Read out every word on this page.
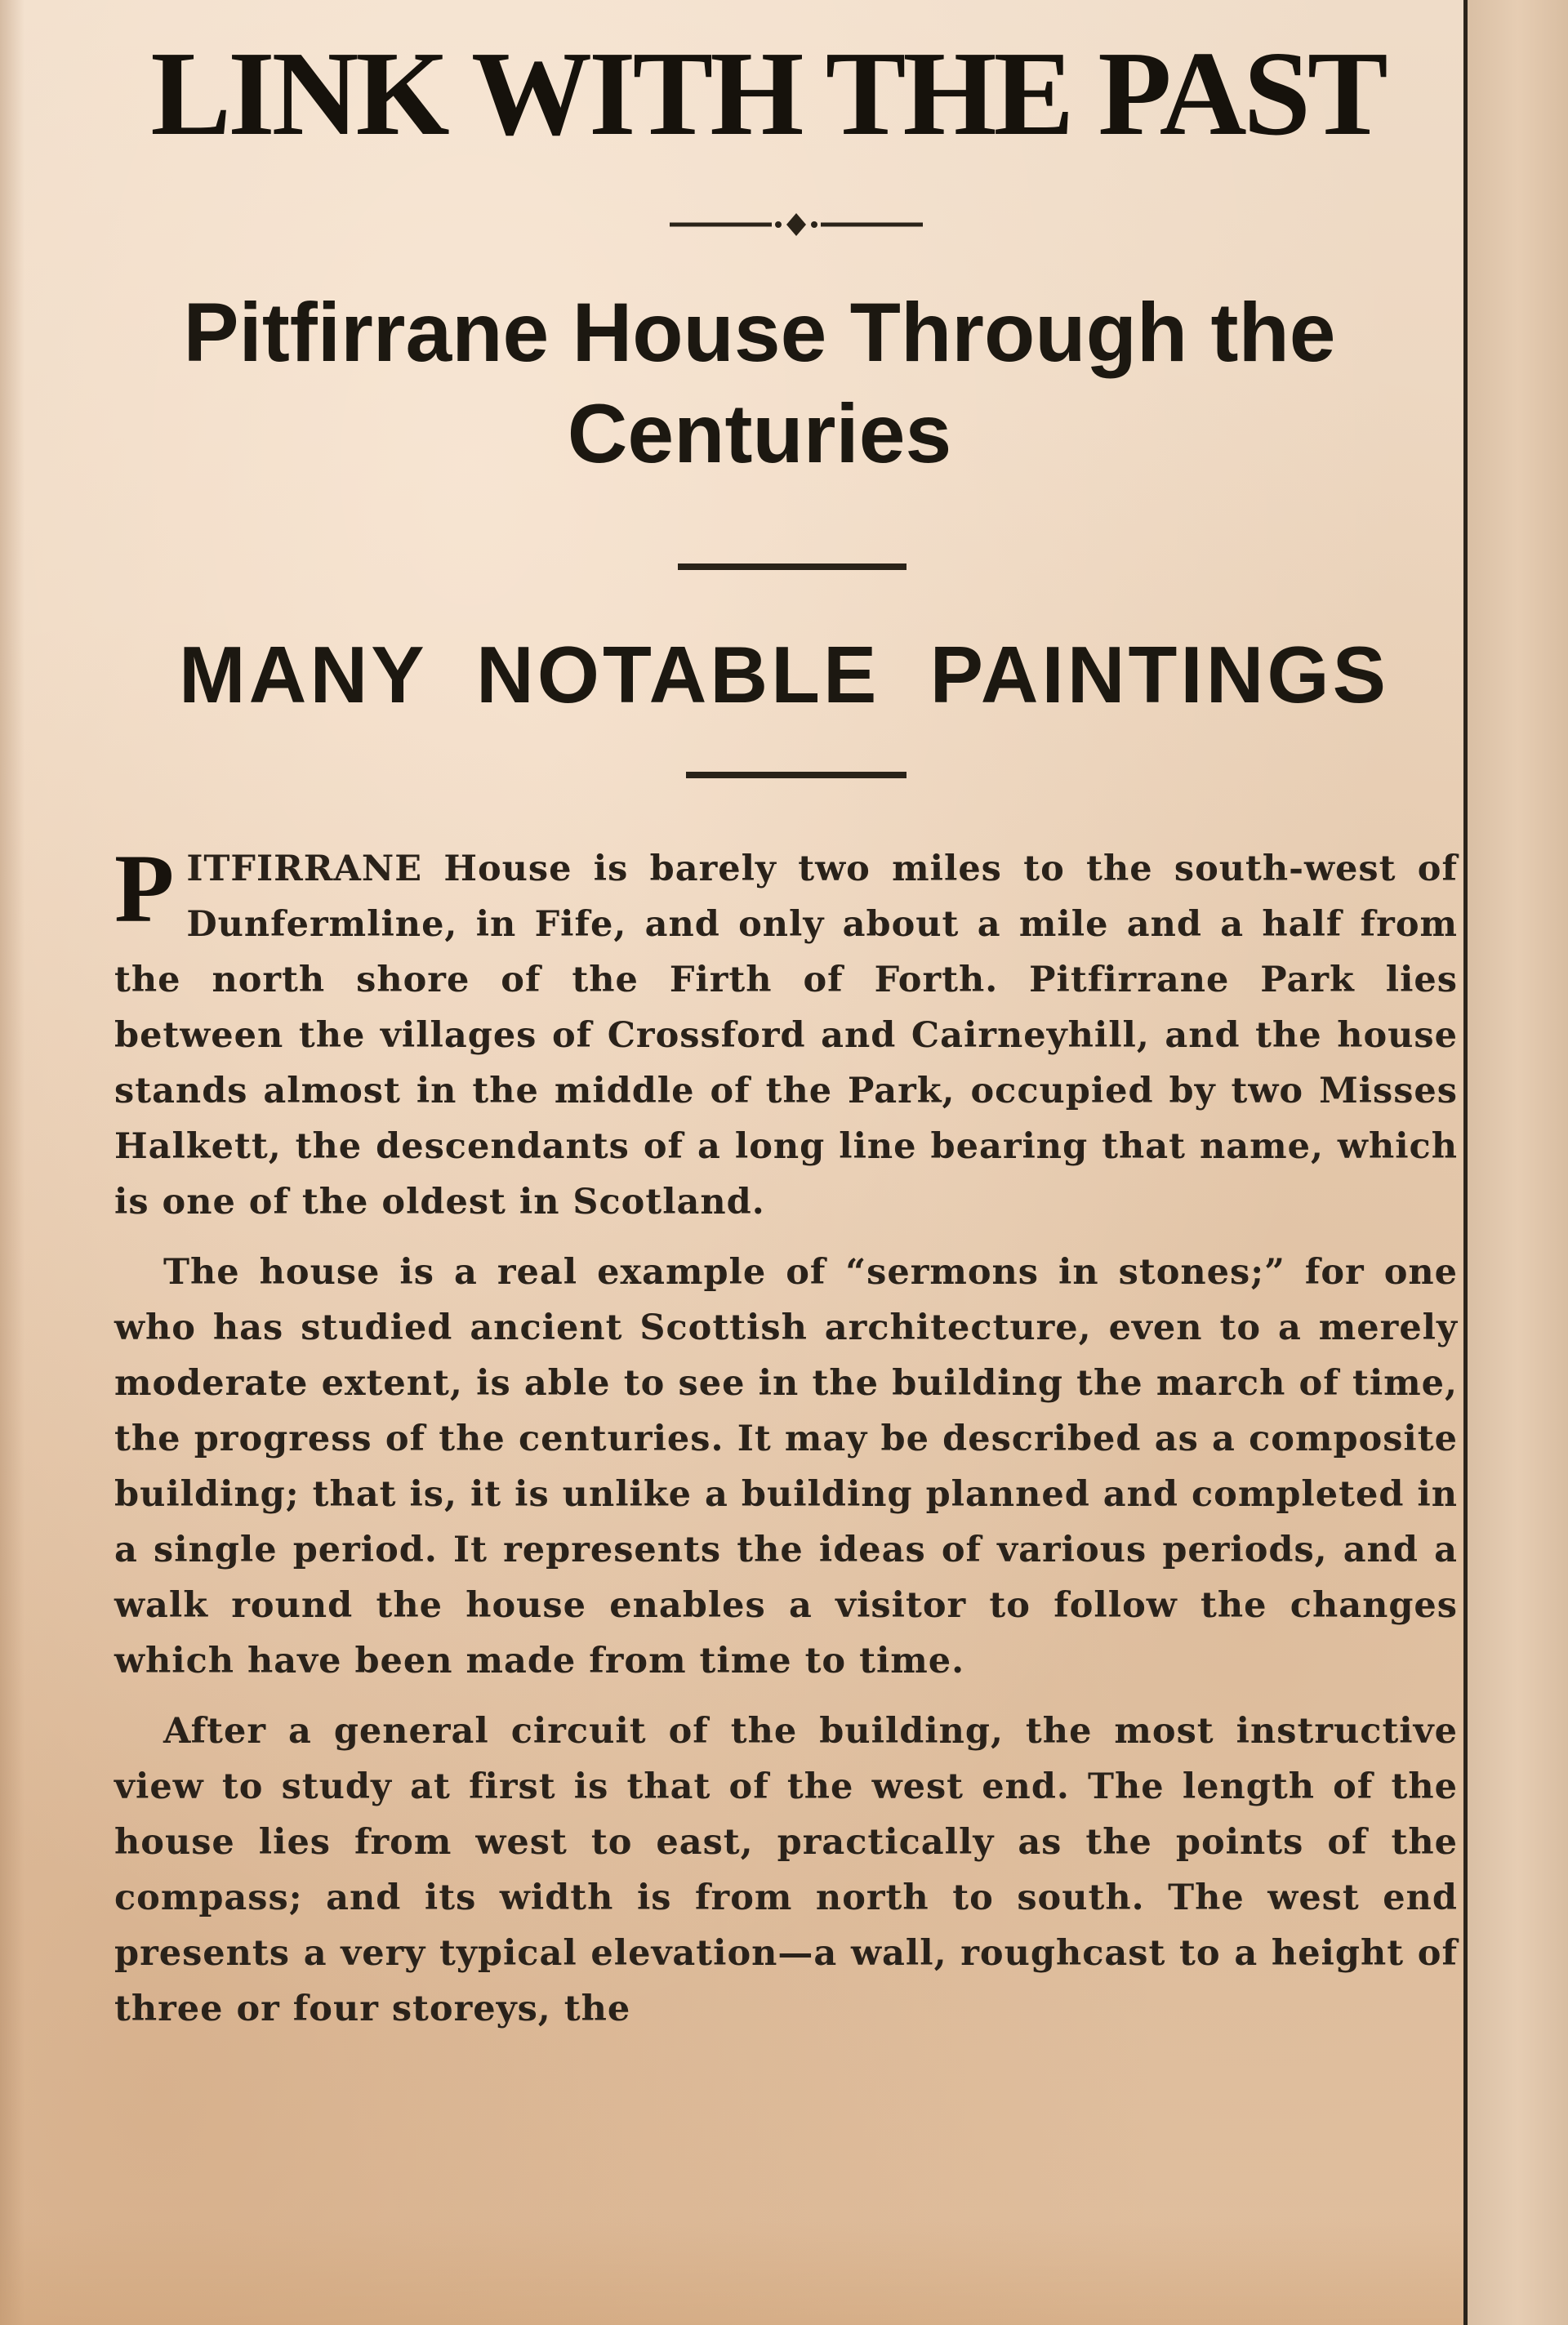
LINK WITH THE PAST
Pitfirrane House Through the Centuries
MANY NOTABLE PAINTINGS

PITFIRRANE House is barely two miles to the south-west of Dunfermline, in Fife, and only about a mile and a half from the north shore of the Firth of Forth. Pitfirrane Park lies between the villages of Crossford and Cairneyhill, and the house stands almost in the middle of the Park, occupied by two Misses Halkett, the descendants of a long line bearing that name, which is one of the oldest in Scotland.

The house is a real example of “sermons in stones;” for one who has studied ancient Scottish architecture, even to a merely moderate extent, is able to see in the building the march of time, the progress of the centuries. It may be described as a composite building; that is, it is unlike a building planned and completed in a single period. It represents the ideas of various periods, and a walk round the house enables a visitor to follow the changes which have been made from time to time.

After a general circuit of the building, the most instructive view to study at first is that of the west end. The length of the house lies from west to east, practically as the points of the compass; and its width is from north to south. The west end presents a very typical elevation—a wall, roughcast to a height of three or four storeys, the
